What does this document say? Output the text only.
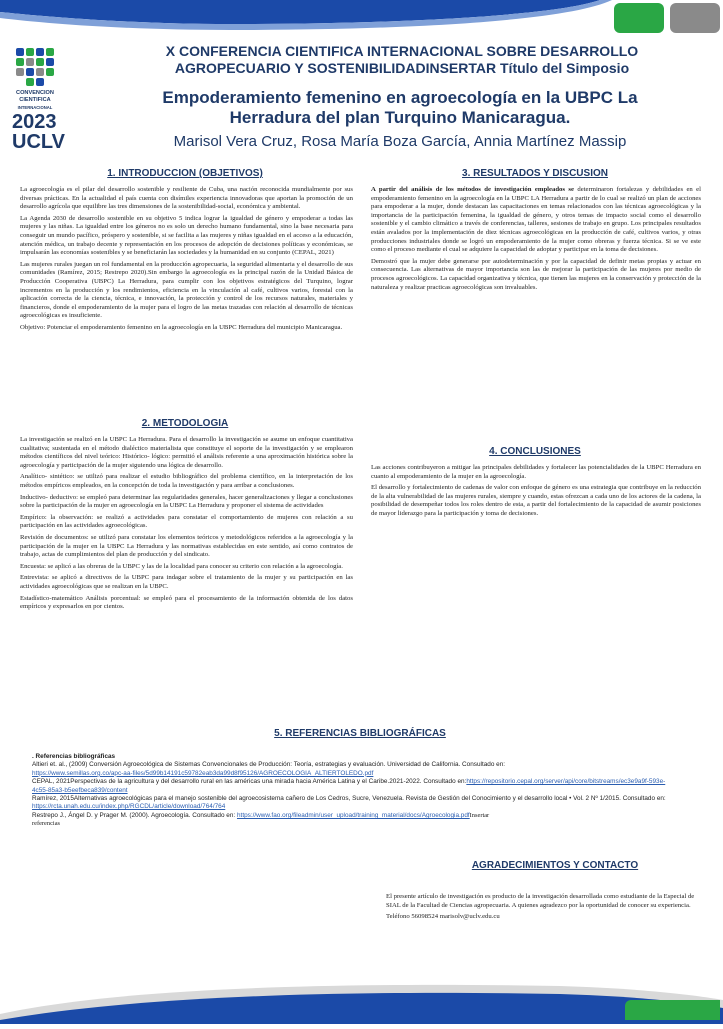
CONVENCION CIENTIFICA
INTERNACIONAL
2023
UCLV
X CONFERENCIA CIENTIFICA INTERNACIONAL SOBRE DESARROLLO
AGROPECUARIO Y SOSTENIBILIDADINSERTAR Título del Simposio
Empoderamiento femenino en agroecología en la UBPC La
Herradura del plan Turquino Manicaragua.
Marisol Vera Cruz, Rosa María Boza García, Annia Martínez Massip
1. INTRODUCCION (OBJETIVOS)

La agroecología es el pilar del desarrollo sostenible y resiliente de Cuba, una nación reconocida mundialmente por sus diversas prácticas. En la actualidad el país cuenta con disímiles experiencia innovadoras que aportan la promoción de un desarrollo agrícola que equilibre las tres dimensiones de la sostenibilidad-social, económica y ambiental.

La Agenda 2030 de desarrollo sostenible en su objetivo 5 indica lograr la igualdad de género y empoderar a todas las mujeres y las niñas. La igualdad entre los géneros no es solo un derecho humano fundamental, sino la base necesaria para conseguir un mundo pacífico, próspero y sostenible, si se facilita a las mujeres y niñas igualdad en el acceso a la educación, atención médica, un trabajo decente y representación en los procesos de adopción de decisiones políticas y económicas, se impulsarán las economías sostenibles y se beneficiarán las sociedades y la humanidad en su conjunto (CEPAL, 2021)

Las mujeres rurales juegan un rol fundamental en la producción agropecuaria, la seguridad alimentaria y el desarrollo de sus comunidades (Ramírez, 2015; Restrepo 2020).Sin embargo la agroecología es la principal razón de la Unidad Básica de Producción Cooperativa (UBPC) La Herradura, para cumplir con los objetivos estratégicos del Turquino, lograr incrementos en la producción y los rendimientos, eficiencia en la vinculación al café, cultivos varios, forestal con la aplicación correcta de la ciencia, técnica, e innovación, la protección y control de los recursos naturales, materiales y financieros, donde el empoderamiento de la mujer para el logro de las metas trazadas con relación al desarrollo de técnicas agroecológicas es insuficiente.

Objetivo: Potenciar el empoderamiento femenino en la agroecología en la UBPC Herradura del municipio Manicaragua.

2. METODOLOGIA

La investigación se realizó en la UBPC La Herradura. Para el desarrollo la investigación se asume un enfoque cuantitativa cualitativa; sustentada en el método dialéctico materialista que constituye el soporte de la investigación y se emplearon métodos científicos del nivel teórico: Histórico- lógico: permitió el análisis referente a una aproximación histórica sobre la agroecología y participación de la mujer siguiendo una lógica de desarrollo.

Analítico- sintético: se utilizó para realizar el estudio bibliográfico del problema científico, en la interpretación de los métodos empíricos empleados, en la concepción de toda la investigación y para arribar a conclusiones.

Inductivo- deductivo: se empleó para determinar las regularidades generales, hacer generalizaciones y llegar a conclusiones sobre la participación de la mujer en agroecología en la UBPC La Herradura y proponer el sistema de actividades

Empírico: la observación: se realizó a actividades para constatar el comportamiento de mujeres con relación a su participación en las actividades agroecológicas.

Revisión de documentos: se utilizó para constatar los elementos teóricos y metodológicos referidos a la agroecología y la participación de la mujer en la UBPC La Herradura y las normativas establecidas en este sentido, así como contratos de trabajo, actas de cumplimientos del plan de producción y del sindicato.

Encuesta: se aplicó a las obreras de la UBPC y las de la localidad para conocer su criterio con relación a la agroecología.

Entrevista: se aplicó a directivos de la UBPC para indagar sobre el tratamiento de la mujer y su participación en las actividades agroecológicas que se realizan en la UBPC.

Estadístico-matemático Análisis porcentual: se empleó para el procesamiento de la información obtenida de los datos empíricos y expresarlos en por cientos.

3. RESULTADOS Y DISCUSION

A partir del análisis de los métodos de investigación empleados se determinaron fortalezas y debilidades en el empoderamiento femenino en la agroecología en la UBPC LA Herradura a partir de lo cual se realizó un plan de acciones para empoderar a la mujer, donde destacan las capacitaciones en temas relacionados con las técnicas agroecológicas y la importancia de la participación femenina, la igualdad de género, y otros temas de impacto social como el desarrollo sostenible y el cambio climático a través de conferencias, talleres, sesiones de trabajo en grupo. Los principales resultados están avalados por la implementación de diez técnicas agroecológicas en la producción de café, cultivos varios, y otras producciones industriales donde se logró un empoderamiento de la mujer como obreras y fuerza técnica. Si se ve este como el proceso mediante el cual se adquiere la capacidad de adoptar y participar en la toma de decisiones.

Demostró que la mujer debe generarse por autodeterminación y por la capacidad de definir metas propias y actuar en consecuencia. Las alternativas de mayor importancia son las de mejorar la participación de las mujeres por medio de procesos agroecológicos. La capacidad organizativa y técnica, que tienen las mujeres en la conservación y protección de la naturaleza y realizar practicas agroecológicas son invaluables.

4. CONCLUSIONES

Las acciones contribuyeron a mitigar las principales debilidades y fortalecer las potencialidades de la UBPC Herradura en cuanto al empoderamiento de la mujer en la agroecología.

El desarrollo y fortalecimiento de cadenas de valor con enfoque de género es una estrategia que contribuye en la reducción de la alta vulnerabilidad de las mujeres rurales, siempre y cuando, estas ofrezcan a cada uno de los actores de la cadena, la posibilidad de desempeñar todos los roles dentro de esta, a partir del fortalecimiento de la capacidad de asumir posiciones de mayor liderazgo para la participación y toma de decisiones.

5. REFERENCIAS BIBLIOGRÁFICAS

. Referencias bibliográficas

Altieri et. al., (2009) Conversión Agroecológica de Sistemas Convencionales de Producción: Teoría, estrategias y evaluación. Universidad de California. Consultado en:
https://www.semillas.org.co/apc-aa-files/5d99b14191c59782eab3da99d8f95126/AGROECOLOGIA_ALTIERTOLEDO.pdf

CEPAL, 2021Perspectivas de la agricultura y del desarrollo rural en las américas una mirada hacia América Latina y el Caribe.2021-2022. Consultado en:https://repositorio.cepal.org/server/api/core/bitstreams/ec3e9a9f-593e-4c55-85a3-b5eefbeca839/content

Ramírez, 2015Alternativas agroecológicas para el manejo sostenible del agroecosistema cañero de Los Cedros, Sucre, Venezuela. Revista de Gestión del Conocimiento y el desarrollo local • Vol. 2 Nº 1/2015. Consultado en: https://rcta.unah.edu.cu/index.php/RGCDL/article/download/764/764

Restrepo J., Ángel D. y Prager M. (2000). Agroecología. Consultado en: https://www.fao.org/fileadmin/user_upload/training_material/docs/Agroecologia.pdfInsertar
referencias

AGRADECIMIENTOS Y CONTACTO

El presente artículo de investigación es producto de la investigación desarrollada como estudiante de la Especial de SIAL de la Facultad de Ciencias agropecuaria. A quienes agradezco por la oportunidad de conocer su experiencia.

Teléfono 56098524 marisolv@uclv.edu.cu
